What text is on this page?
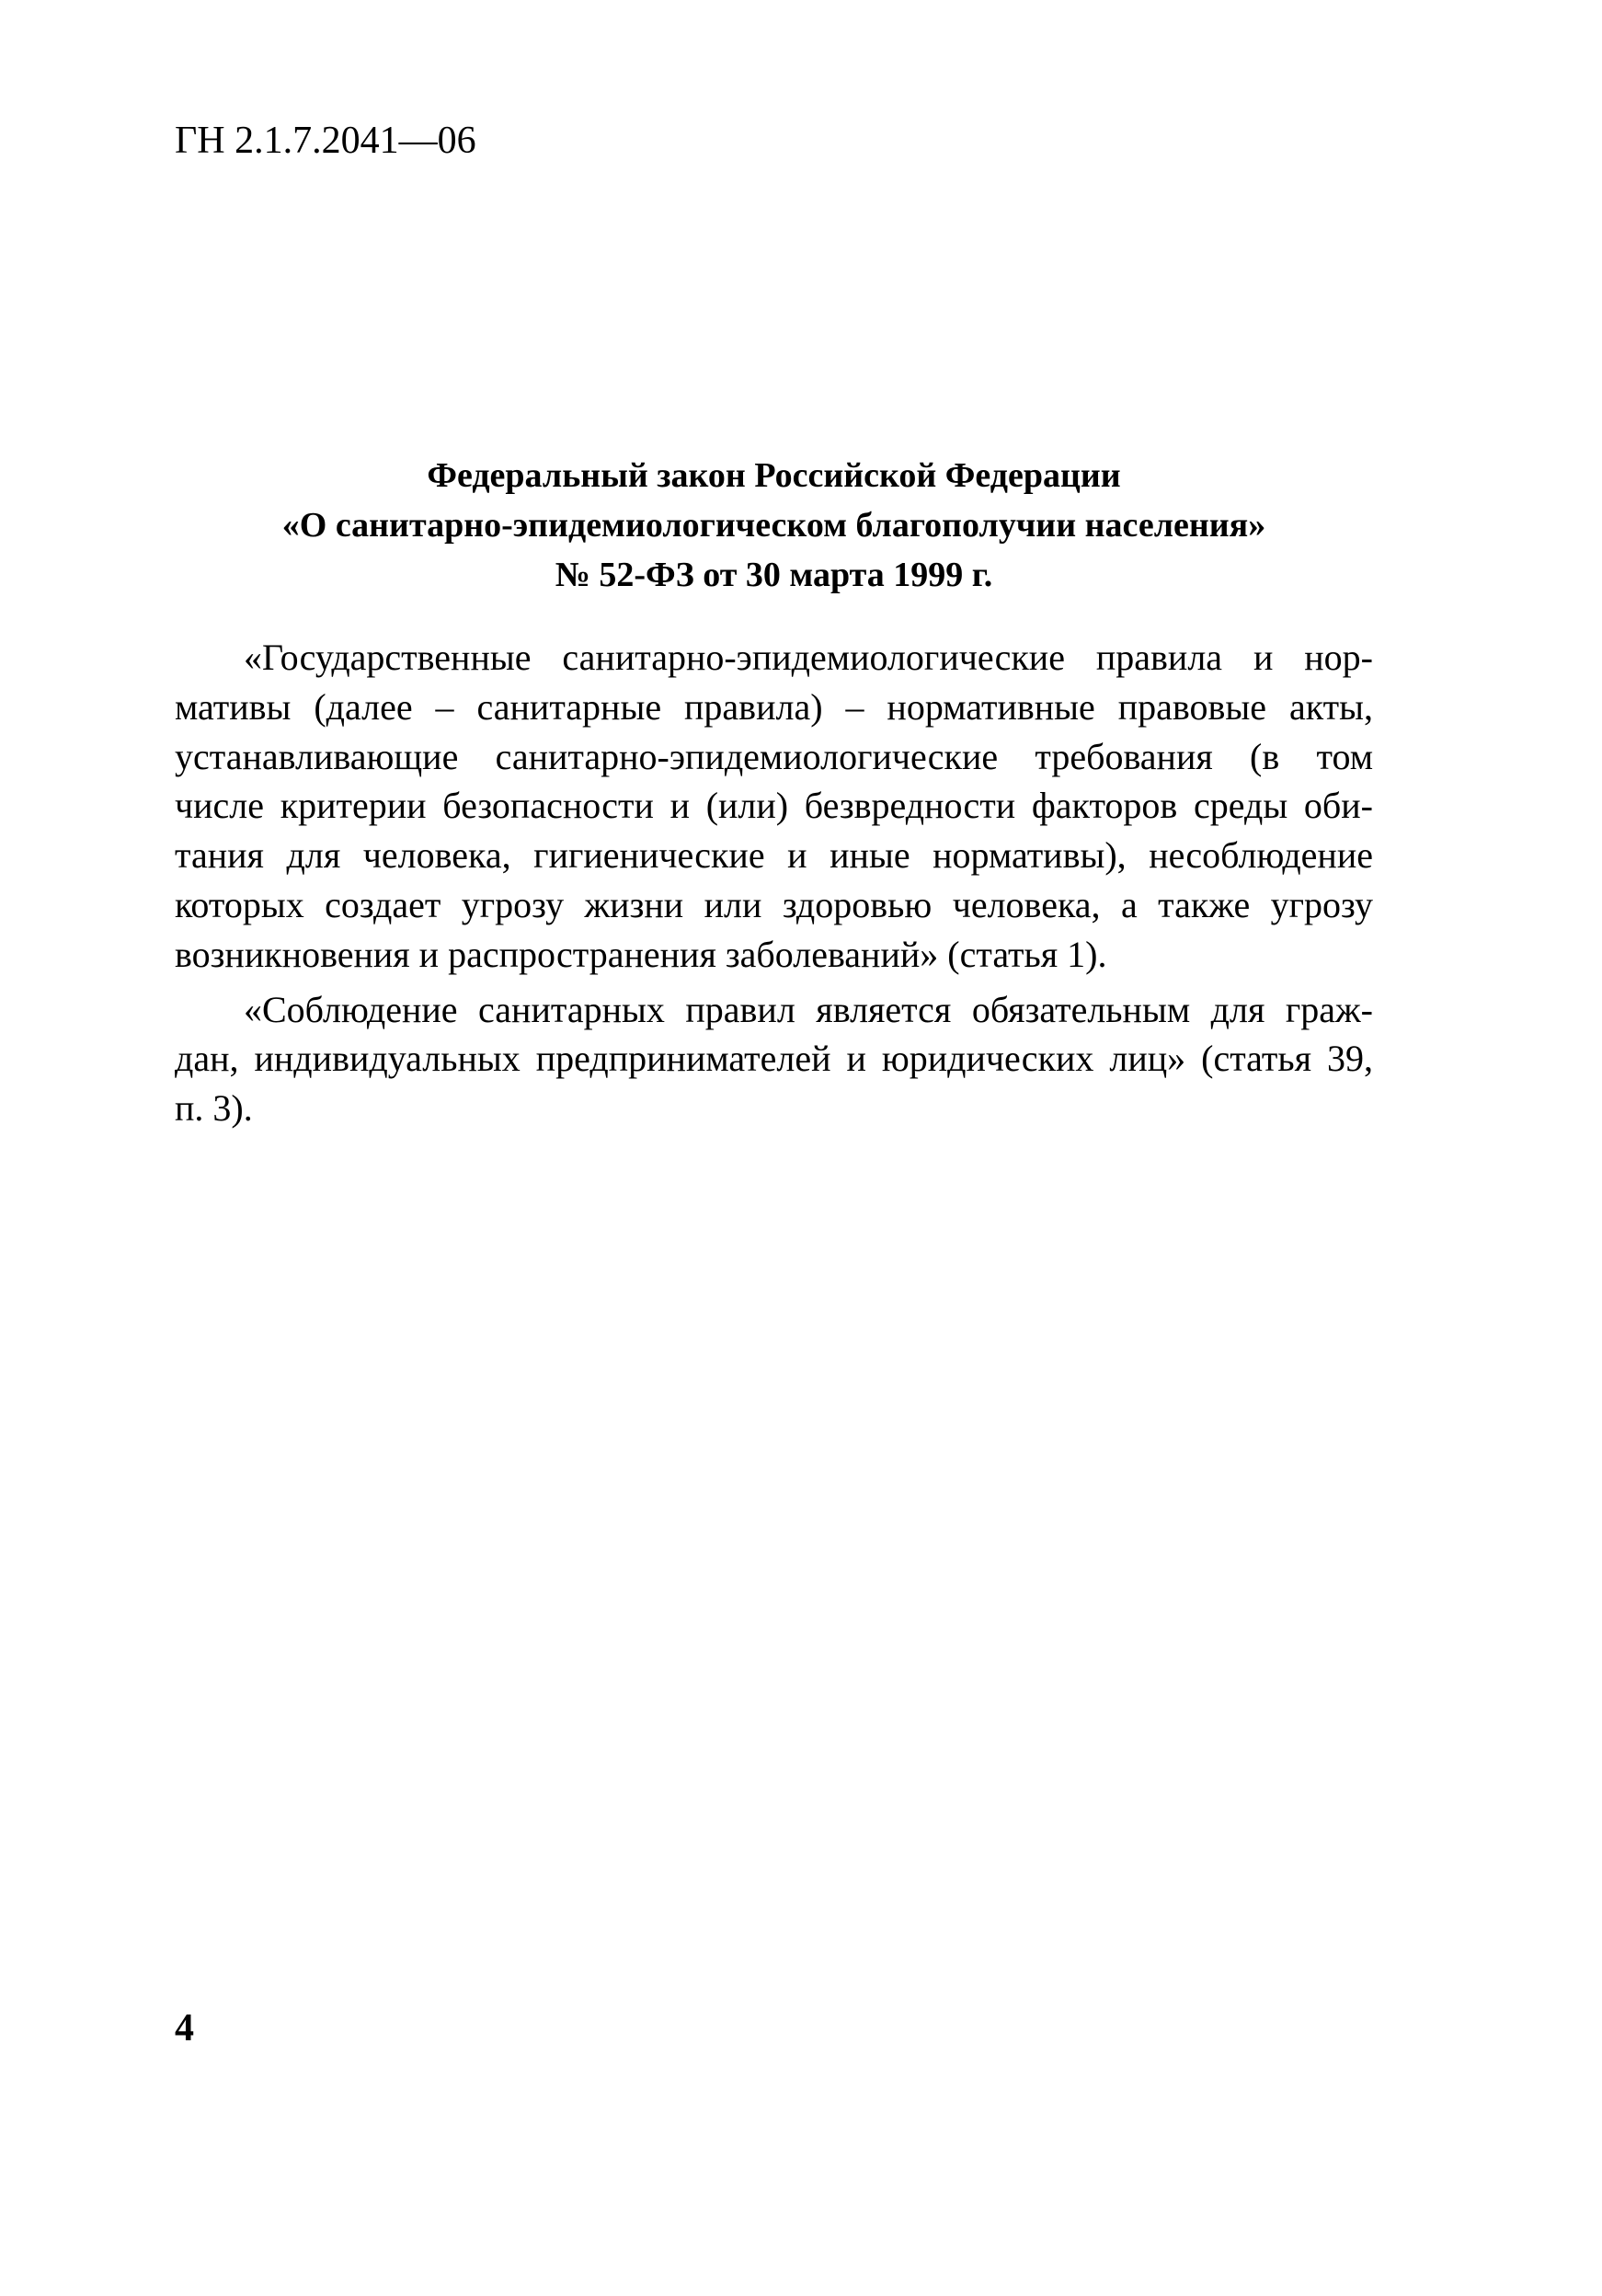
ГН 2.1.7.2041—06
Федеральный закон Российской Федерации
«О санитарно-эпидемиологическом благополучии населения»
№ 52-ФЗ от 30 марта 1999 г.
«Государственные санитарно-эпидемиологические правила и нор-
мативы (далее – санитарные правила) – нормативные правовые акты,
устанавливающие санитарно-эпидемиологические требования (в том
числе критерии безопасности и (или) безвредности факторов среды оби-
тания для человека, гигиенические и иные нормативы), несоблюдение
которых создает угрозу жизни или здоровью человека, а также угрозу
возникновения и распространения заболеваний» (статья 1).
«Соблюдение санитарных правил является обязательным для граж-
дан, индивидуальных предпринимателей и юридических лиц» (статья 39,
п. 3).
4
